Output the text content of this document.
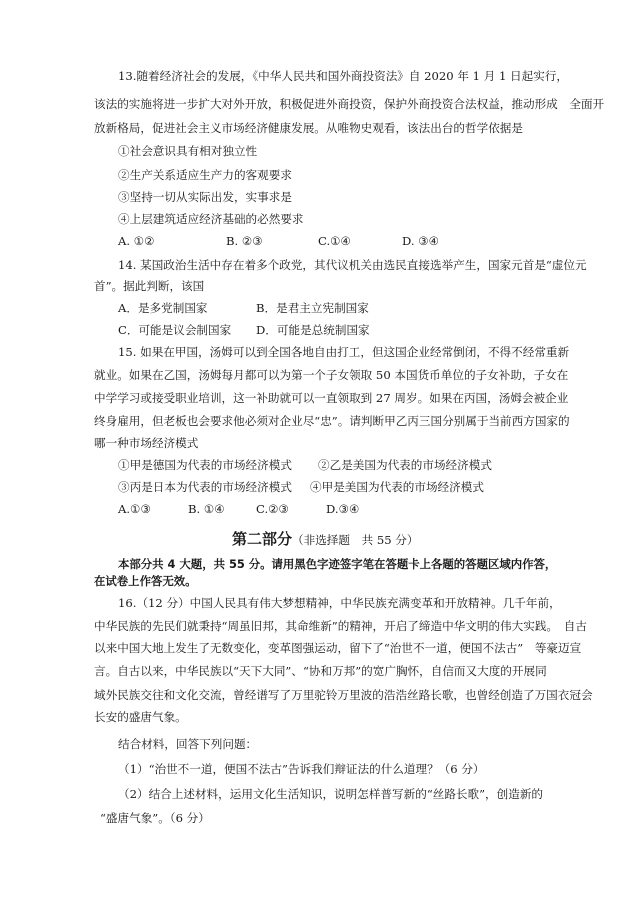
13.随着经济社会的发展，《中华人民共和国外商投资法》自 2020 年 1 月 1 日起实行，
该法的实施将进一步扩大对外开放，积极促进外商投资，保护外商投资合法权益，推动形成　全面开
放新格局，促进社会主义市场经济健康发展。从唯物史观看，该法出台的哲学依据是
①社会意识具有相对独立性
②生产关系适应生产力的客观要求
③坚持一切从实际出发，实事求是
④上层建筑适应经济基础的必然要求
A. ①②	B. ②③	C.①④	D. ③④
14. 某国政治生活中存在着多个政党，其代议机关由选民直接选举产生，国家元首是“虚位元
首”。据此判断，该国
A．是多党制国家	B．是君主立宪制国家
C．可能是议会制国家 D．可能是总统制国家
15. 如果在甲国，汤姆可以到全国各地自由打工，但这国企业经常倒闭，不得不经常重新
就业。如果在乙国，汤姆每月都可以为第一个子女领取 50 本国货币单位的子女补助，子女在
中学学习或接受职业培训，这一补助就可以一直领取到 27 周岁。如果在丙国，汤姆会被企业
终身雇用，但老板也会要求他必须对企业尽“忠”。请判断甲乙丙三国分别属于当前西方国家的
哪一种市场经济模式
①甲是德国为代表的市场经济模式 ②乙是美国为代表的市场经济模式
③丙是日本为代表的市场经济模式 ④甲是美国为代表的市场经济模式
A.①③	B. ①④	C.②③	D.③④
第二部分（非选择题　共 55 分）
本部分共 4 大题，共 55 分。请用黑色字迹签字笔在答题卡上各题的答题区域内作答，
在试卷上作答无效。
16.（12 分）中国人民具有伟大梦想精神，中华民族充满变革和开放精神。几千年前，
中华民族的先民们就秉持“周虽旧邦，其命维新”的精神，开启了缔造中华文明的伟大实践。　自古
以来中国大地上发生了无数变化，变革图强运动，留下了“治世不一道，便国不法古”　等豪迈宣
言。自古以来，中华民族以“天下大同”、“协和万邦”的宽广胸怀，自信而又大度的开展同
域外民族交往和文化交流，曾经谱写了万里驼铃万里波的浩浩丝路长歌，也曾经创造了万国衣冠会
长安的盛唐气象。
结合材料，回答下列问题：
（1）“治世不一道，便国不法古”告诉我们辩证法的什么道理？（6 分）
（2）结合上述材料，运用文化生活知识，说明怎样普写新的“丝路长歌”，创造新的
“盛唐气象”。（6 分）
